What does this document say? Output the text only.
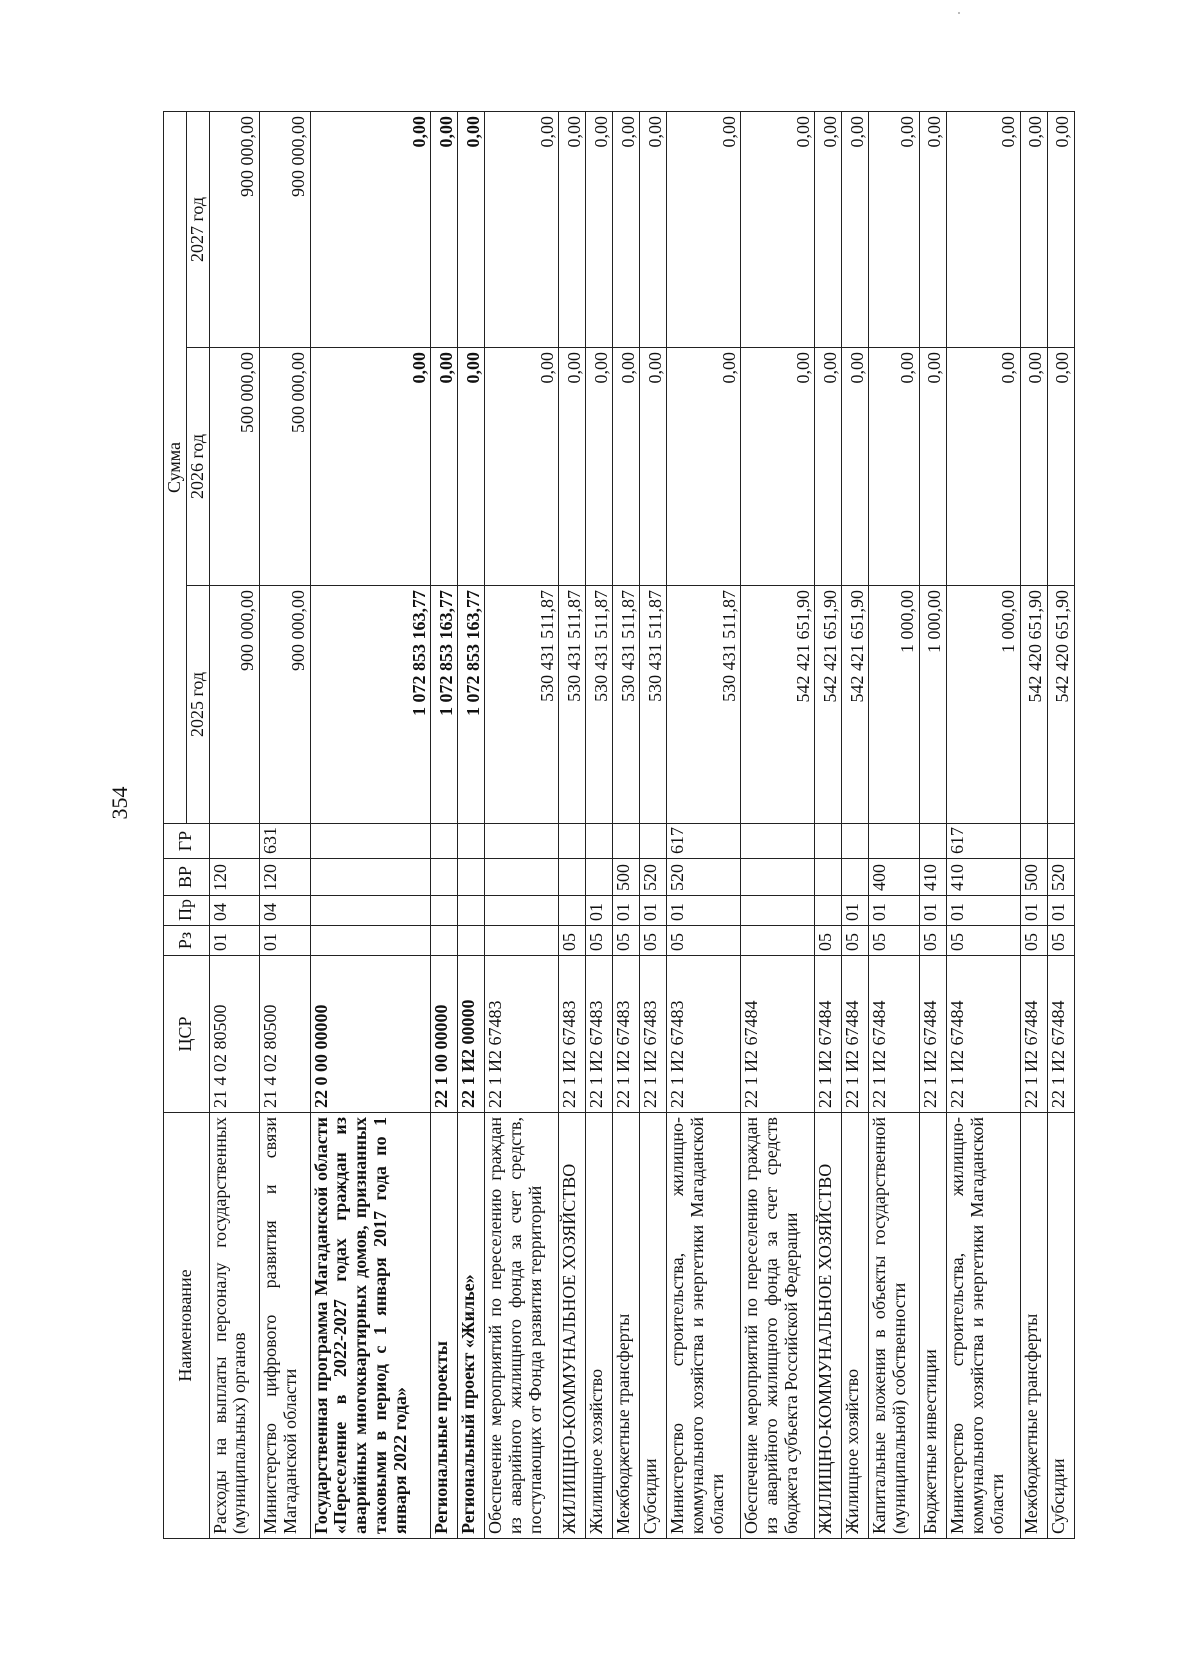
354
Наименование	ЦСР	Рз	Пр	ВР	ГР	Сумма		
						2025 год	2026 год	2027 год
Расходы на выплаты персоналу государственных (муниципальных) органов	21 4 02 80500	01	04	120		900 000,00	500 000,00	900 000,00
Министерство цифрового развития и связи Магаданской области	21 4 02 80500	01	04	120	631	900 000,00	500 000,00	900 000,00
Государственная программа Магаданской области «Переселение в 2022-2027 годах граждан из аварийных многоквартирных домов, признанных таковыми в период с 1 января 2017 года по 1 января 2022 года»	22 0 00 00000					1 072 853 163,77	0,00	0,00
Региональные проекты	22 1 00 00000					1 072 853 163,77	0,00	0,00
Региональный проект «Жилье»	22 1 И2 00000					1 072 853 163,77	0,00	0,00
Обеспечение мероприятий по переселению граждан из аварийного жилищного фонда за счет средств, поступающих от Фонда развития территорий	22 1 И2 67483					530 431 511,87	0,00	0,00
ЖИЛИЩНО-КОММУНАЛЬНОЕ ХОЗЯЙСТВО	22 1 И2 67483	05				530 431 511,87	0,00	0,00
Жилищное хозяйство	22 1 И2 67483	05	01			530 431 511,87	0,00	0,00
Межбюджетные трансферты	22 1 И2 67483	05	01	500		530 431 511,87	0,00	0,00
Субсидии	22 1 И2 67483	05	01	520		530 431 511,87	0,00	0,00
Министерство строительства, жилищно-коммунального хозяйства и энергетики Магаданской области	22 1 И2 67483	05	01	520	617	530 431 511,87	0,00	0,00
Обеспечение мероприятий по переселению граждан из аварийного жилищного фонда за счет средств бюджета субъекта Российской Федерации	22 1 И2 67484					542 421 651,90	0,00	0,00
ЖИЛИЩНО-КОММУНАЛЬНОЕ ХОЗЯЙСТВО	22 1 И2 67484	05				542 421 651,90	0,00	0,00
Жилищное хозяйство	22 1 И2 67484	05	01			542 421 651,90	0,00	0,00
Капитальные вложения в объекты государственной (муниципальной) собственности	22 1 И2 67484	05	01	400		1 000,00	0,00	0,00
Бюджетные инвестиции	22 1 И2 67484	05	01	410		1 000,00	0,00	0,00
Министерство строительства, жилищно-коммунального хозяйства и энергетики Магаданской области	22 1 И2 67484	05	01	410	617	1 000,00	0,00	0,00
Межбюджетные трансферты	22 1 И2 67484	05	01	500		542 420 651,90	0,00	0,00
Субсидии	22 1 И2 67484	05	01	520		542 420 651,90	0,00	0,00
